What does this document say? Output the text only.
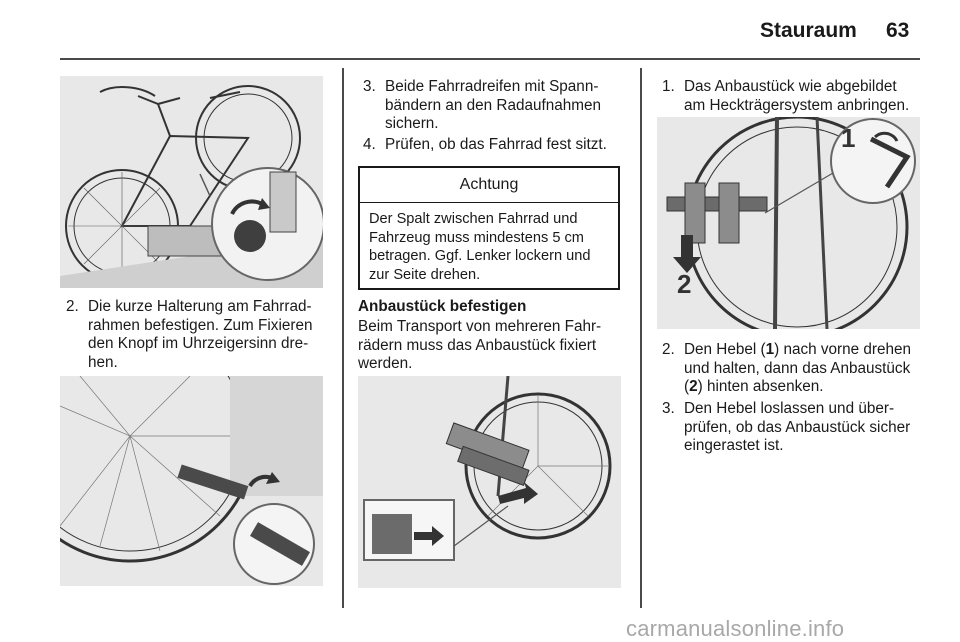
Stauraum 63
2. Die kurze Halterung am Fahrrad-
rahmen befestigen. Zum Fixieren
den Knopf im Uhrzeigersinn dre-
hen.
3. Beide Fahrradreifen mit Spann-
bändern an den Radaufnahmen
sichern.
4. Prüfen, ob das Fahrrad fest sitzt.
Achtung
Der Spalt zwischen Fahrrad und
Fahrzeug muss mindestens 5 cm
betragen. Ggf. Lenker lockern und
zur Seite drehen.
Anbaustück befestigen
Beim Transport von mehreren Fahr-
rädern muss das Anbaustück fixiert
werden.
1. Das Anbaustück wie abgebildet
am Heckträgersystem anbringen.
2
1
2. Den Hebel (1) nach vorne drehen
und halten, dann das Anbaustück
(2) hinten absenken.
3. Den Hebel loslassen und über-
prüfen, ob das Anbaustück sicher
eingerastet ist.
carmanualsonline.info
